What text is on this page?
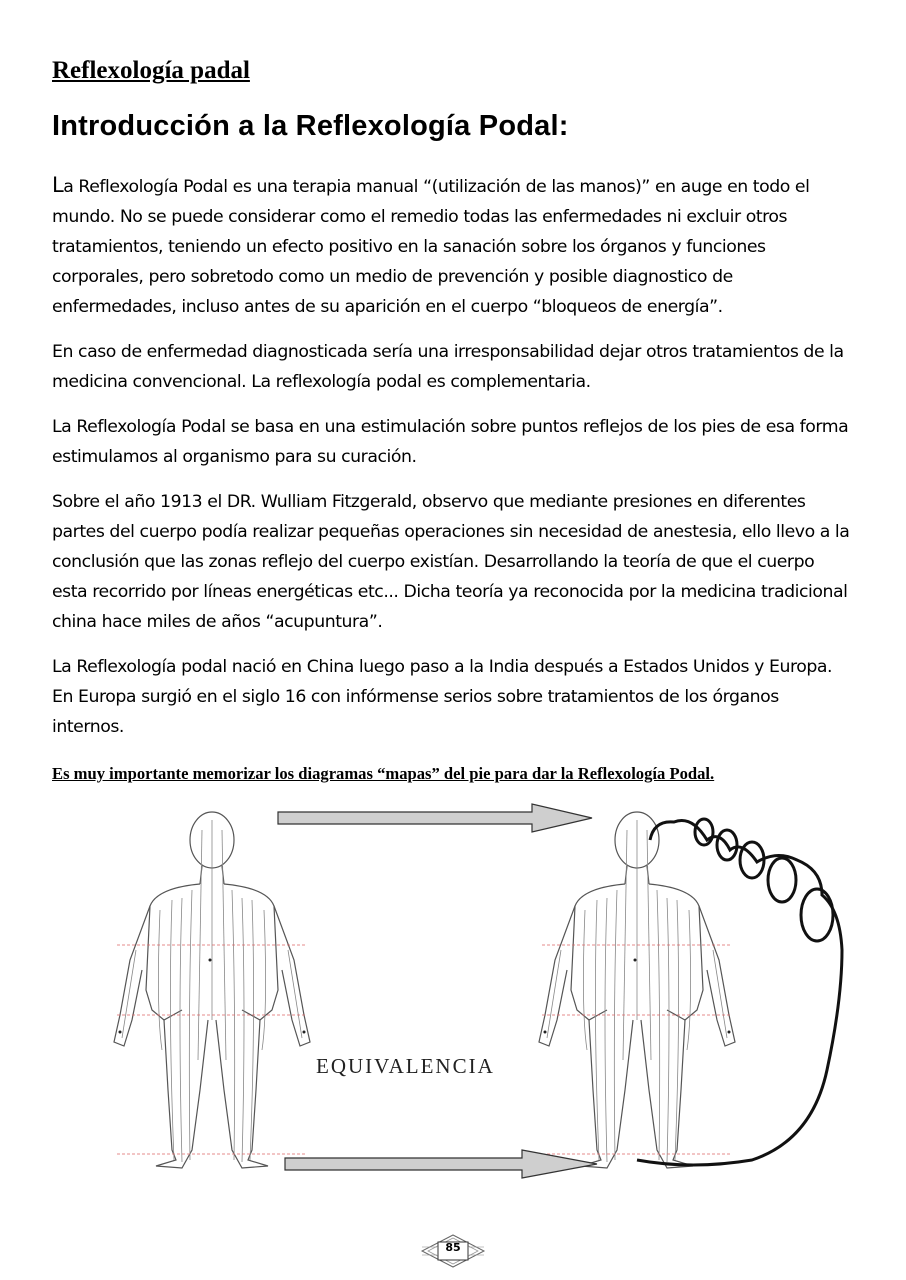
Reflexología padal
Introducción a la Reflexología Podal:

La Reflexología Podal es una terapia manual “(utilización de las manos)” en auge en todo el mundo. No se puede considerar como el remedio todas las enfermedades ni excluir otros tratamientos, teniendo un efecto positivo en la sanación sobre los órganos y funciones corporales, pero sobretodo como un medio de prevención y posible diagnostico de enfermedades, incluso antes de su aparición en el cuerpo “bloqueos de energía”.

En caso de enfermedad diagnosticada sería una irresponsabilidad dejar otros tratamientos de la medicina convencional. La reflexología podal es complementaria.

La Reflexología Podal se basa en una estimulación sobre puntos reflejos de los pies de esa forma estimulamos al organismo para su curación.

Sobre el año 1913 el DR. Wulliam Fitzgerald, observo que mediante presiones en diferentes partes del cuerpo podía realizar pequeñas operaciones sin necesidad de anestesia, ello llevo a la conclusión que las zonas reflejo del cuerpo existían. Desarrollando la teoría de que el cuerpo esta recorrido por líneas energéticas etc... Dicha teoría ya reconocida por la medicina tradicional china hace miles de años “acupuntura”.

La Reflexología podal nació en China luego paso a la India después a Estados Unidos y Europa. En Europa surgió en el siglo 16 con infórmense serios sobre tratamientos de los órganos internos.

Es muy importante memorizar los diagramas “mapas” del pie para dar la Reflexología Podal.
EQUIVALENCIA
85
